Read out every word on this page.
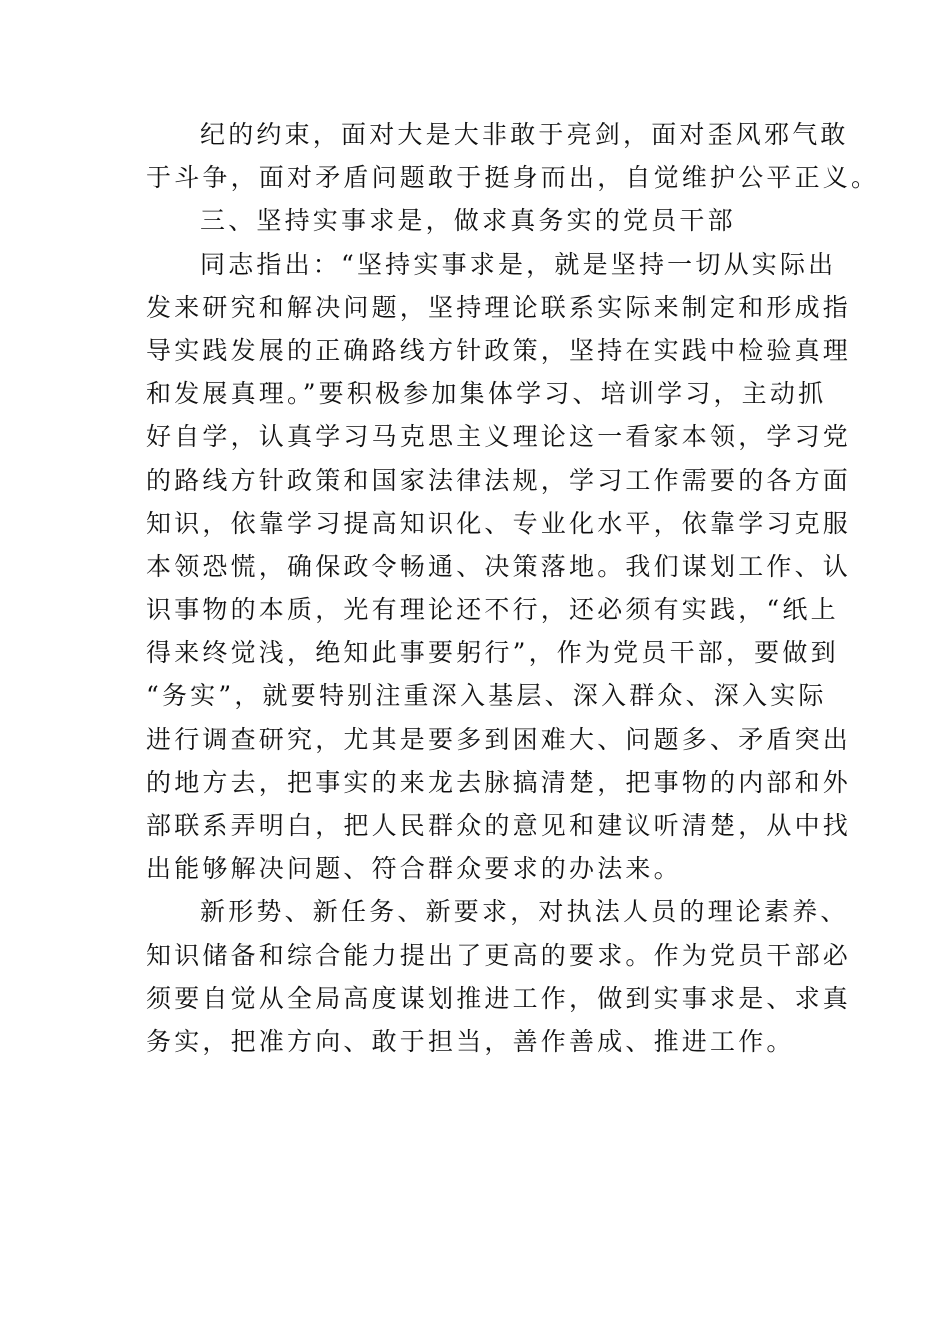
纪的约束，面对大是大非敢于亮剑，面对歪风邪气敢
于斗争，面对矛盾问题敢于挺身而出，自觉维护公平正义。
三、坚持实事求是，做求真务实的党员干部
同志指出：“坚持实事求是，就是坚持一切从实际出
发来研究和解决问题，坚持理论联系实际来制定和形成指
导实践发展的正确路线方针政策，坚持在实践中检验真理
和发展真理。”要积极参加集体学习、培训学习，主动抓
好自学，认真学习马克思主义理论这一看家本领，学习党
的路线方针政策和国家法律法规，学习工作需要的各方面
知识，依靠学习提高知识化、专业化水平，依靠学习克服
本领恐慌，确保政令畅通、决策落地。我们谋划工作、认
识事物的本质，光有理论还不行，还必须有实践，“纸上
得来终觉浅，绝知此事要躬行”，作为党员干部，要做到
“务实”，就要特别注重深入基层、深入群众、深入实际
进行调查研究，尤其是要多到困难大、问题多、矛盾突出
的地方去，把事实的来龙去脉搞清楚，把事物的内部和外
部联系弄明白，把人民群众的意见和建议听清楚，从中找
出能够解决问题、符合群众要求的办法来。
新形势、新任务、新要求，对执法人员的理论素养、
知识储备和综合能力提出了更高的要求。作为党员干部必
须要自觉从全局高度谋划推进工作，做到实事求是、求真
务实，把准方向、敢于担当，善作善成、推进工作。
